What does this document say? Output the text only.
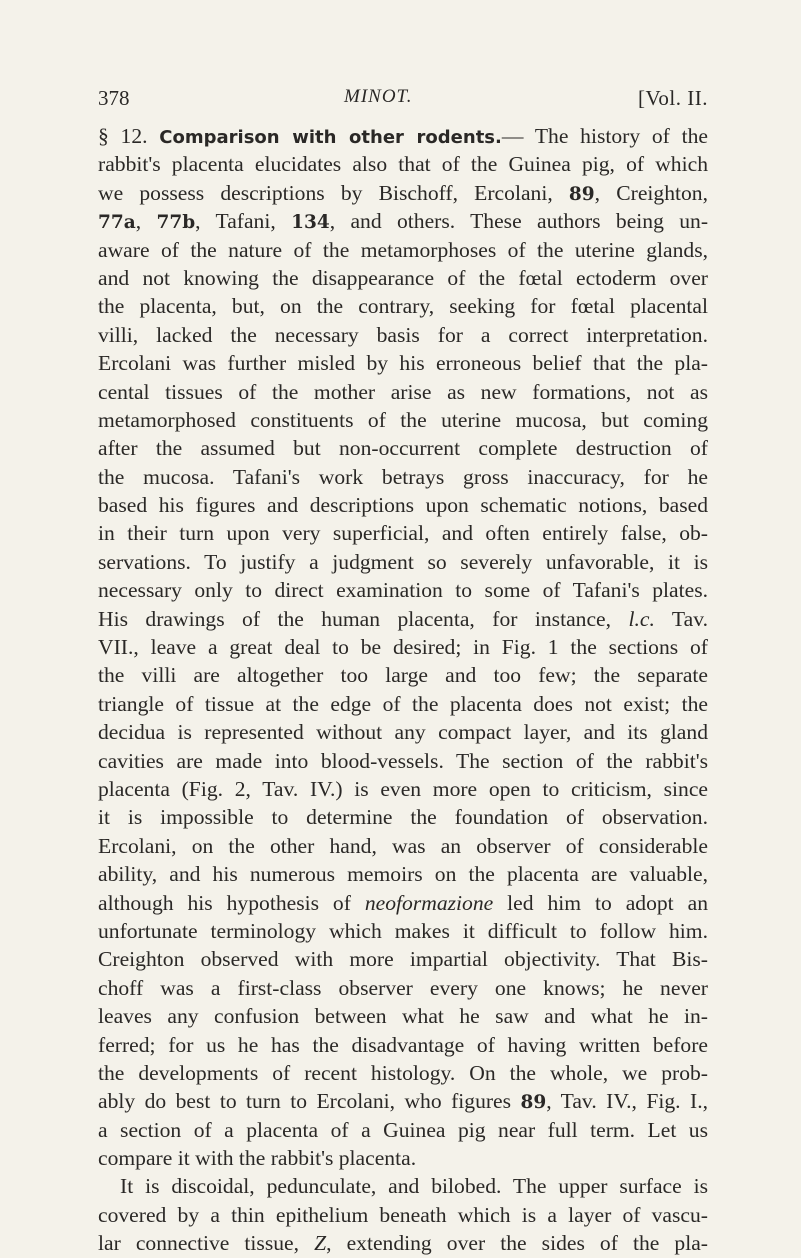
378	MINOT.	[Vol. II.
§ 12. Comparison with other rodents.— The history of the
rabbit's placenta elucidates also that of the Guinea pig, of which
we possess descriptions by Bischoff, Ercolani, 89, Creighton,
77a, 77b, Tafani, 134, and others. These authors being un-
aware of the nature of the metamorphoses of the uterine glands,
and not knowing the disappearance of the fœtal ectoderm over
the placenta, but, on the contrary, seeking for fœtal placental
villi, lacked the necessary basis for a correct interpretation.
Ercolani was further misled by his erroneous belief that the pla-
cental tissues of the mother arise as new formations, not as
metamorphosed constituents of the uterine mucosa, but coming
after the assumed but non-occurrent complete destruction of
the mucosa. Tafani's work betrays gross inaccuracy, for he
based his figures and descriptions upon schematic notions, based
in their turn upon very superficial, and often entirely false, ob-
servations. To justify a judgment so severely unfavorable, it is
necessary only to direct examination to some of Tafani's plates.
His drawings of the human placenta, for instance, l.c. Tav.
VII., leave a great deal to be desired; in Fig. 1 the sections of
the villi are altogether too large and too few; the separate
triangle of tissue at the edge of the placenta does not exist; the
decidua is represented without any compact layer, and its gland
cavities are made into blood-vessels. The section of the rabbit's
placenta (Fig. 2, Tav. IV.) is even more open to criticism, since
it is impossible to determine the foundation of observation.
Ercolani, on the other hand, was an observer of considerable
ability, and his numerous memoirs on the placenta are valuable,
although his hypothesis of neoformazione led him to adopt an
unfortunate terminology which makes it difficult to follow him.
Creighton observed with more impartial objectivity. That Bis-
choff was a first-class observer every one knows; he never
leaves any confusion between what he saw and what he in-
ferred; for us he has the disadvantage of having written before
the developments of recent histology. On the whole, we prob-
ably do best to turn to Ercolani, who figures 89, Tav. IV., Fig. I.,
a section of a placenta of a Guinea pig near full term. Let us
compare it with the rabbit's placenta.
It is discoidal, pedunculate, and bilobed. The upper surface is
covered by a thin epithelium beneath which is a layer of vascu-
lar connective tissue, Z, extending over the sides of the pla-
